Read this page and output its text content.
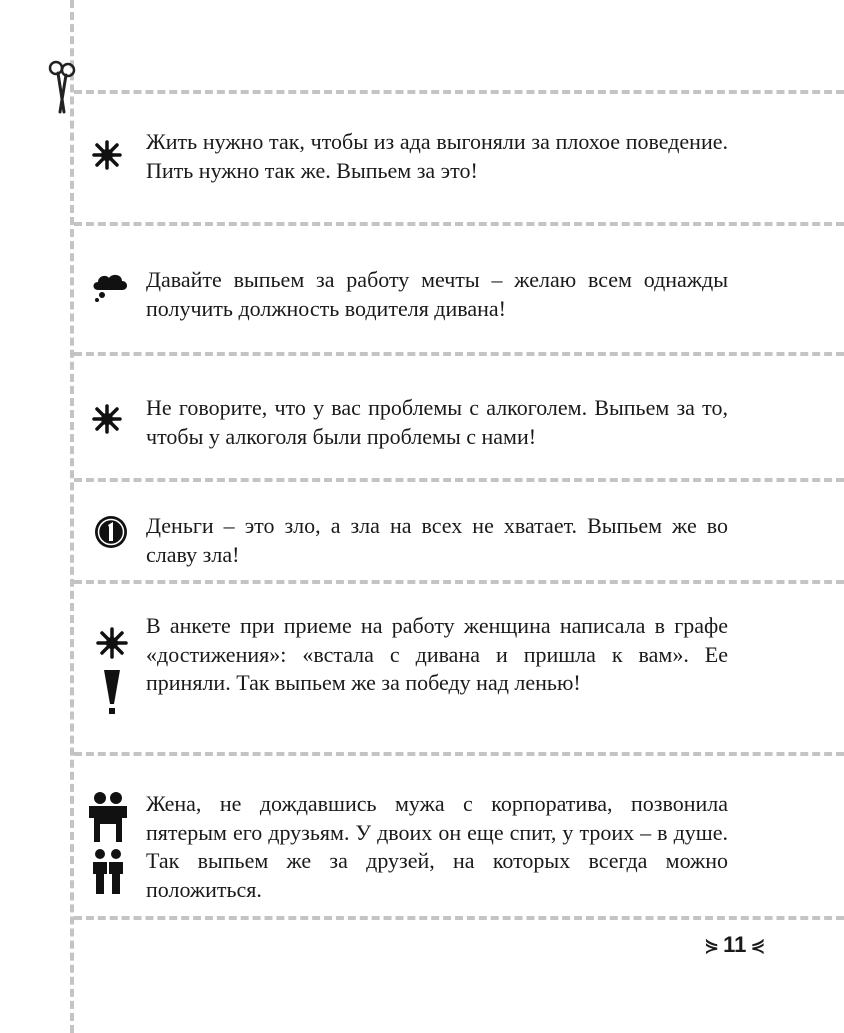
Жить нужно так, чтобы из ада выгоняли за плохое поведение. Пить нужно так же. Выпьем за это!

Давайте выпьем за работу мечты – желаю всем однажды получить должность водителя дивана!

Не говорите, что у вас проблемы с алкоголем. Выпьем за то, чтобы у алкоголя были проблемы с нами!

Деньги – это зло, а зла на всех не хватает. Выпьем же во славу зла!

В анкете при приеме на работу женщина написала в графе «достижения»: «встала с дивана и пришла к вам». Ее приняли. Так выпьем же за победу над ленью!

Жена, не дождавшись мужа с корпоратива, позвонила пятерым его друзьям. У двоих он еще спит, у троих – в душе. Так выпьем же за друзей, на которых всегда можно положиться.

⋟ 11 ⋞
